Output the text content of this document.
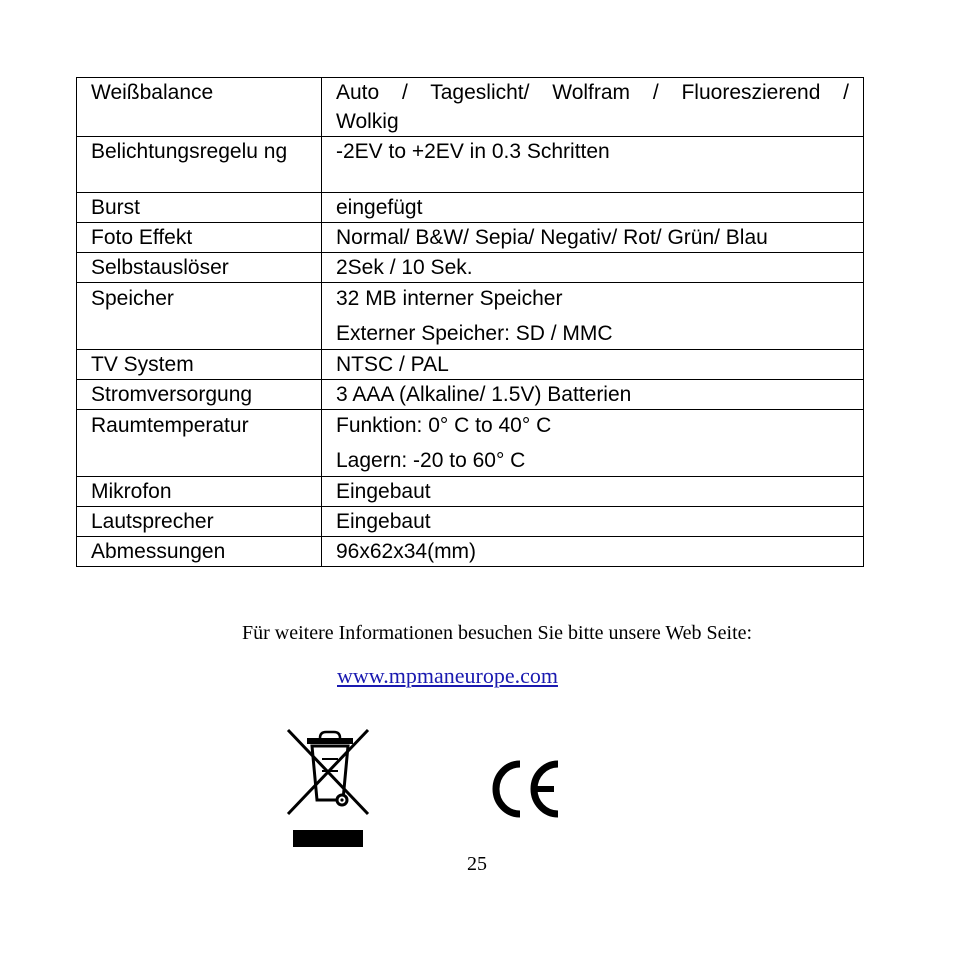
Weißbalance	Auto / Tageslicht/ Wolfram / Fluoreszierend / Wolkig
Belichtungsregelu ng	-2EV to +2EV in 0.3 Schritten
Burst	eingefügt
Foto Effekt	Normal/ B&W/ Sepia/ Negativ/ Rot/ Grün/ Blau
Selbstauslöser	2Sek / 10 Sek.
Speicher	32 MB interner Speicher
Externer Speicher: SD / MMC

TV System	NTSC / PAL
Stromversorgung	3 AAA (Alkaline/ 1.5V) Batterien
Raumtemperatur	Funktion: 0° C to 40° C
Lagern: -20 to 60° C

Mikrofon	Eingebaut
Lautsprecher	Eingebaut
Abmessungen	96x62x34(mm)

Für weitere Informationen besuchen Sie bitte unsere Web Seite:

www.mpmaneurope.com
25
